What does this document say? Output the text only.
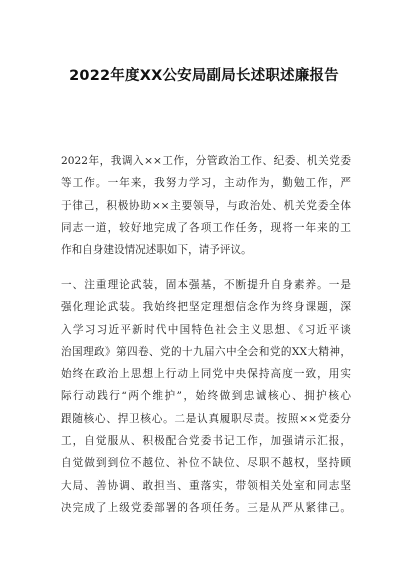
2022年度XX公安局副局长述职述廉报告
2022年，我调入××工作，分管政治工作、纪委、机关党委
等工作。一年来，我努力学习，主动作为，勤勉工作，严
于律己，积极协助××主要领导，与政治处、机关党委全体
同志一道，较好地完成了各项工作任务，现将一年来的工
作和自身建设情况述职如下，请予评议。
一、注重理论武装，固本强基，不断提升自身素养。一是
强化理论武装。我始终把坚定理想信念作为终身课题，深
入学习习近平新时代中国特色社会主义思想、《习近平谈
治国理政》第四卷、党的十九届六中全会和党的XX大精神，
始终在政治上思想上行动上同党中央保持高度一致，用实
际行动践行“两个维护”，始终做到忠诚核心、拥护核心
跟随核心、捍卫核心。二是认真履职尽责。按照××党委分
工，自觉服从、积极配合党委书记工作，加强请示汇报，
自觉做到到位不越位、补位不缺位、尽职不越权，坚持顾
大局、善协调、敢担当、重落实，带领相关处室和同志坚
决完成了上级党委部署的各项任务。三是从严从紧律己。
